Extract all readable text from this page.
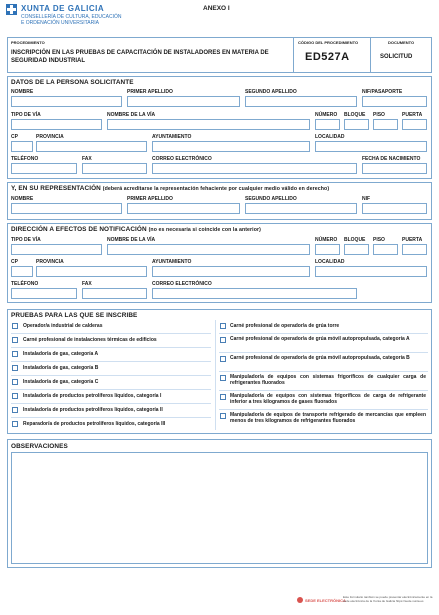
XUNTA DE GALICIA
CONSELLERÍA DE CULTURA, EDUCACIÓN
E ORDENACIÓN UNIVERSITARIA
ANEXO I
PROCEDIMIENTO
INSCRIPCIÓN EN LAS PRUEBAS DE CAPACITACIÓN DE INSTALADORES EN MATERIA DE SEGURIDAD INDUSTRIAL
CÓDIGO DEL PROCEDIMIENTO
ED527A
DOCUMENTO
SOLICITUD
DATOS DE LA PERSONA SOLICITANTE
NOMBRE	PRIMER APELLIDO	SEGUNDO APELLIDO	NIF/PASAPORTE
TIPO DE VÍA	NOMBRE DE LA VÍA	NÚMERO BLOQUE PISO	PUERTA
CP	PROVINCIA	AYUNTAMIENTO	LOCALIDAD
TELÉFONO	FAX	CORREO ELECTRÓNICO	FECHA DE NACIMIENTO
Y, EN SU REPRESENTACIÓN (deberá acreditarse la representación fehaciente por cualquier medio válido en derecho)
NOMBRE	PRIMER APELLIDO	SEGUNDO APELLIDO	NIF
DIRECCIÓN A EFECTOS DE NOTIFICACIÓN (no es necesaria si coincide con la anterior)
TIPO DE VÍA	NOMBRE DE LA VÍA	NÚMERO BLOQUE PISO	PUERTA
CP	PROVINCIA	AYUNTAMIENTO	LOCALIDAD
TELÉFONO	FAX	CORREO ELECTRÓNICO
PRUEBAS PARA LAS QUE SE INSCRIBE
Operador/a industrial de calderas
Carné profesional de instalaciones térmicas de edificios
Instalador/a de gas, categoría A
Instalador/a de gas, categoría B
Instalador/a de gas, categoría C
Instalador/a de productos petrolíferos líquidos, categoría I
Instalador/a de productos petrolíferos líquidos, categoría II
Reparador/a de productos petrolíferos líquidos, categoría III
Carné profesional de operador/a de grúa torre
Carné profesional de operador/a de grúa móvil autopropulsada, categoría A
Carné profesional de operador/a de grúa móvil autopropulsada, categoría B
Manipulador/a de equipos con sistemas frigoríficos de cualquier carga de refrigerantes fluorados
Manipulador/a de equipos con sistemas frigoríficos de carga de refrigerante inferior a tres kilogramos de gases fluorados
Manipulador/a de equipos de transporte refrigerado de mercancías que empleen menos de tres kilogramos de refrigerantes fluorados
OBSERVACIONES
SEDE ELECTRÓNICA
Este formulario también se puede presentar electrónicamente en la sede electrónica de la Xunta de Galicia https://sede.xunta.es
